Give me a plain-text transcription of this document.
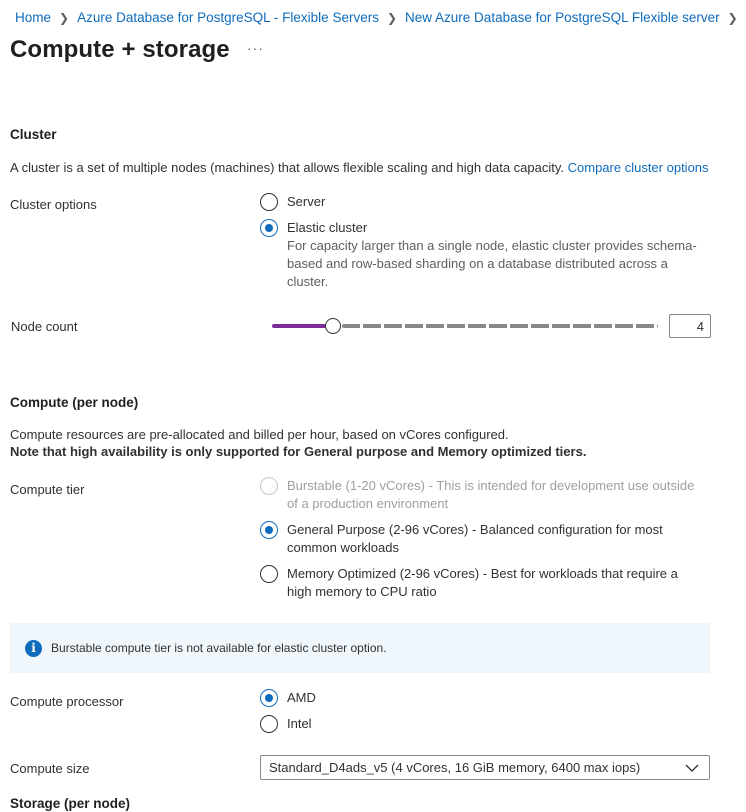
Home ❯ Azure Database for PostgreSQL - Flexible Servers ❯ New Azure Database for PostgreSQL Flexible server ❯
Compute + storage ···
Cluster
A cluster is a set of multiple nodes (machines) that allows flexible scaling and high data capacity. Compare cluster options
Cluster options	Server
Elastic cluster
For capacity larger than a single node, elastic cluster provides schema-
based and row-based sharding on a database distributed across a
cluster.
Node count
4
Compute (per node)
Compute resources are pre-allocated and billed per hour, based on vCores configured.
Note that high availability is only supported for General purpose and Memory optimized tiers.
Compute tier	Burstable (1-20 vCores) - This is intended for development use outside
of a production environment
General Purpose (2-96 vCores) - Balanced configuration for most
common workloads
Memory Optimized (2-96 vCores) - Best for workloads that require a
high memory to CPU ratio
i	Burstable compute tier is not available for elastic cluster option.
Compute processor	AMD
Intel
Compute size	Standard_D4ads_v5 (4 vCores, 16 GiB memory, 6400 max iops)
Storage (per node)
